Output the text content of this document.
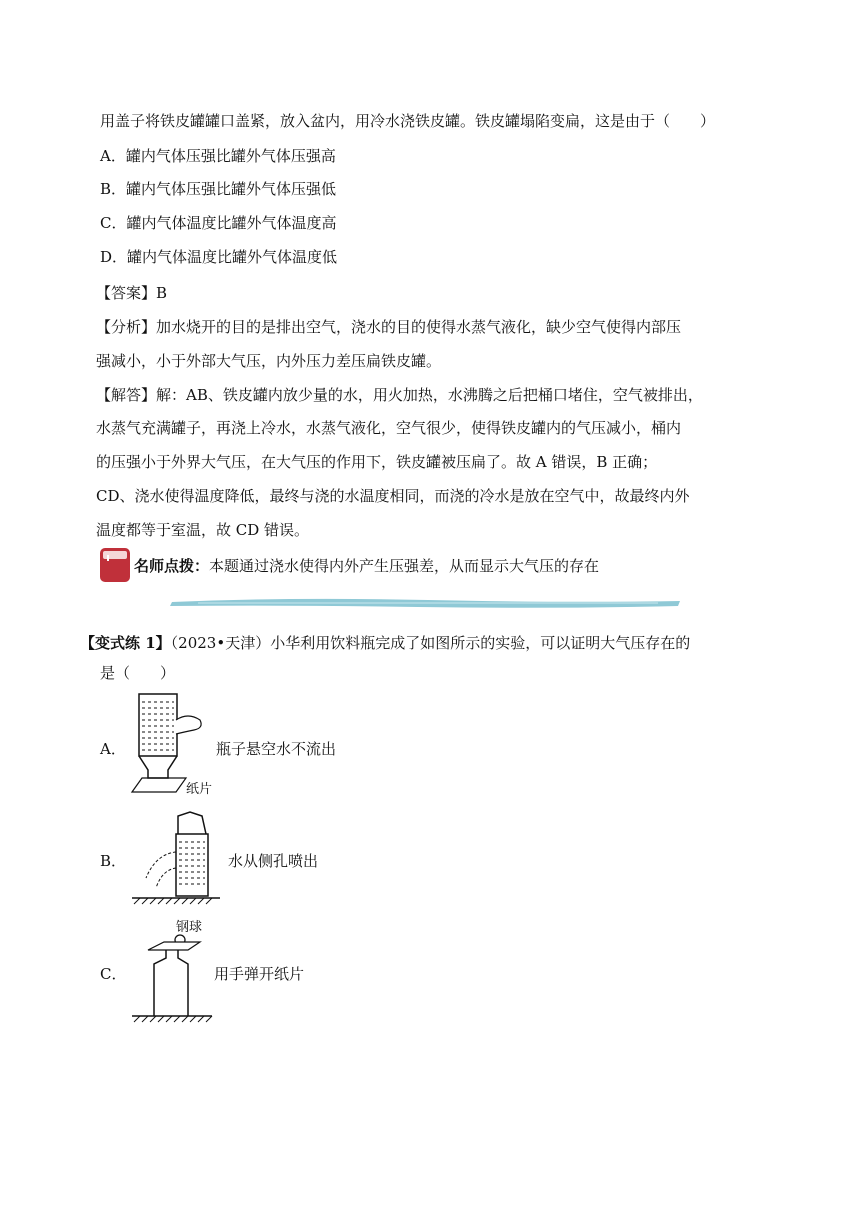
用盖子将铁皮罐罐口盖紧，放入盆内，用冷水浇铁皮罐。铁皮罐塌陷变扁，这是由于（　　）
A．罐内气体压强比罐外气体压强高
B．罐内气体压强比罐外气体压强低
C．罐内气体温度比罐外气体温度高
D．罐内气体温度比罐外气体温度低
【答案】B
【分析】加水烧开的目的是排出空气，浇水的目的使得水蒸气液化，缺少空气使得内部压
强减小，小于外部大气压，内外压力差压扁铁皮罐。
【解答】解：AB、铁皮罐内放少量的水，用火加热，水沸腾之后把桶口堵住，空气被排出，
水蒸气充满罐子，再浇上冷水，水蒸气液化，空气很少，使得铁皮罐内的气压减小，桶内
的压强小于外界大气压，在大气压的作用下，铁皮罐被压扁了。故 A 错误，B 正确；
CD、浇水使得温度降低，最终与浇的水温度相同，而浇的冷水是放在空气中，故最终内外
温度都等于室温，故 CD 错误。
名师点拨：本题通过浇水使得内外产生压强差，从而显示大气压的存在
【变式练 1】（2023•天津）小华利用饮料瓶完成了如图所示的实验，可以证明大气压存在的
是（　　）
A．
纸片
瓶子悬空水不流出
B．	水从侧孔喷出
C．
钢球
用手弹开纸片
